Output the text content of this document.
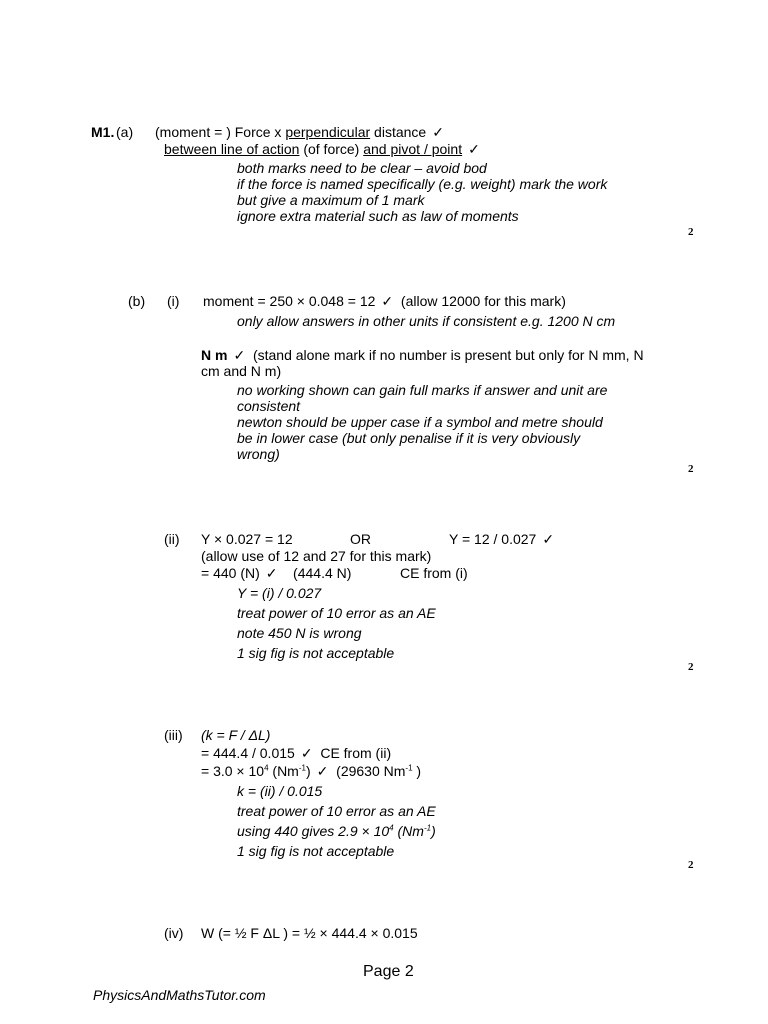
M1. (a) (moment = ) Force x perpendicular distance ✓
between line of action (of force) and pivot / point ✓
both marks need to be clear – avoid bod
if the force is named specifically (e.g. weight) mark the work
but give a maximum of 1 mark
ignore extra material such as law of moments
2
(b) (i) moment = 250 × 0.048 = 12 ✓ (allow 12000 for this mark)
only allow answers in other units if consistent e.g. 1200 N cm
N m ✓ (stand alone mark if no number is present but only for N mm, N
cm and N m)
no working shown can gain full marks if answer and unit are
consistent
newton should be upper case if a symbol and metre should
be in lower case (but only penalise if it is very obviously
wrong)
2
(ii) Y × 0.027 = 12	OR	Y = 12 / 0.027 ✓
(allow use of 12 and 27 for this mark)
= 440 (N) ✓ (444.4 N)	CE from (i)
Y = (i) / 0.027
treat power of 10 error as an AE
note 450 N is wrong
1 sig fig is not acceptable
2
(iii) (k = F / ΔL)
= 444.4 / 0.015 ✓ CE from (ii)
= $3.0 \times 10^4$ $(Nm^{-1})$ ✓ (29630 $Nm^{-1}$ )
k = (ii) / 0.015
treat power of 10 error as an AE
using 440 gives $2.9 \times 10^4$ $(Nm^{-1})$
1 sig fig is not acceptable
2
(iv) W (= ½ F ΔL ) = ½ × 444.4 × 0.015
Page 2
PhysicsAndMathsTutor.com
